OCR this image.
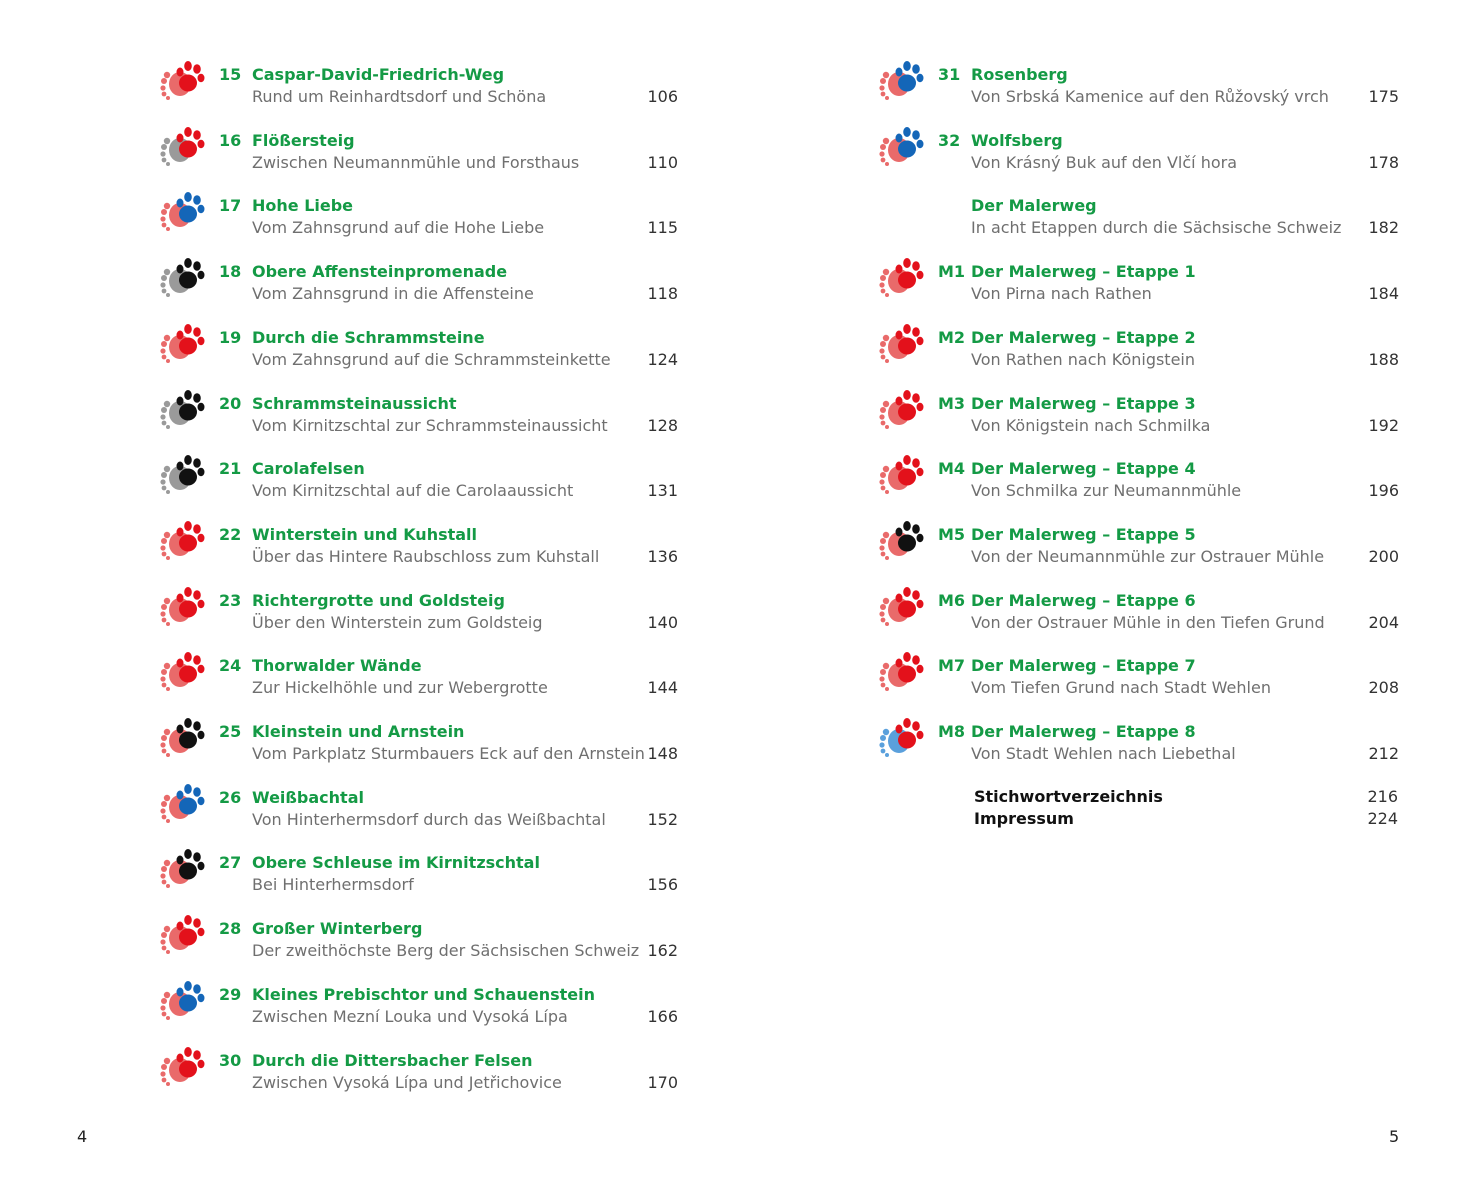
15 Caspar-David-Friedrich-Weg
Rund um Reinhardtsdorf und Schöna	106
16 Flößersteig
Zwischen Neumannmühle und Forsthaus	110
17 Hohe Liebe
Vom Zahnsgrund auf die Hohe Liebe	115
18 Obere Affensteinpromenade
Vom Zahnsgrund in die Affensteine	118
19 Durch die Schrammsteine
Vom Zahnsgrund auf die Schrammsteinkette	124
20 Schrammsteinaussicht
Vom Kirnitzschtal zur Schrammsteinaussicht	128
21 Carolafelsen
Vom Kirnitzschtal auf die Carolaaussicht	131
22 Winterstein und Kuhstall
Über das Hintere Raubschloss zum Kuhstall	136
23 Richtergrotte und Goldsteig
Über den Winterstein zum Goldsteig	140
24 Thorwalder Wände
Zur Hickelhöhle und zur Webergrotte	144
25 Kleinstein und Arnstein
Vom Parkplatz Sturmbauers Eck auf den Arnstein 148
26 Weißbachtal
Von Hinterhermsdorf durch das Weißbachtal	152
27 Obere Schleuse im Kirnitzschtal
Bei Hinterhermsdorf	156
28 Großer Winterberg
Der zweithöchste Berg der Sächsischen Schweiz 162
29 Kleines Prebischtor und Schauenstein
Zwischen Mezní Louka und Vysoká Lípa	166
30 Durch die Dittersbacher Felsen
Zwischen Vysoká Lípa und Jetřichovice	170
4
31 Rosenberg
Von Srbská Kamenice auf den Růžovský vrch	175
32 Wolfsberg
Von Krásný Buk auf den Vlčí hora	178
Der Malerweg
In acht Etappen durch die Sächsische Schweiz	182
M1 Der Malerweg – Etappe 1
Von Pirna nach Rathen	184
M2 Der Malerweg – Etappe 2
Von Rathen nach Königstein	188
M3 Der Malerweg – Etappe 3
Von Königstein nach Schmilka	192
M4 Der Malerweg – Etappe 4
Von Schmilka zur Neumannmühle	196
M5 Der Malerweg – Etappe 5
Von der Neumannmühle zur Ostrauer Mühle	200
M6 Der Malerweg – Etappe 6
Von der Ostrauer Mühle in den Tiefen Grund	204
M7 Der Malerweg – Etappe 7
Vom Tiefen Grund nach Stadt Wehlen	208
M8 Der Malerweg – Etappe 8
Von Stadt Wehlen nach Liebethal	212
5
Stichwortverzeichnis	216
Impressum	224
